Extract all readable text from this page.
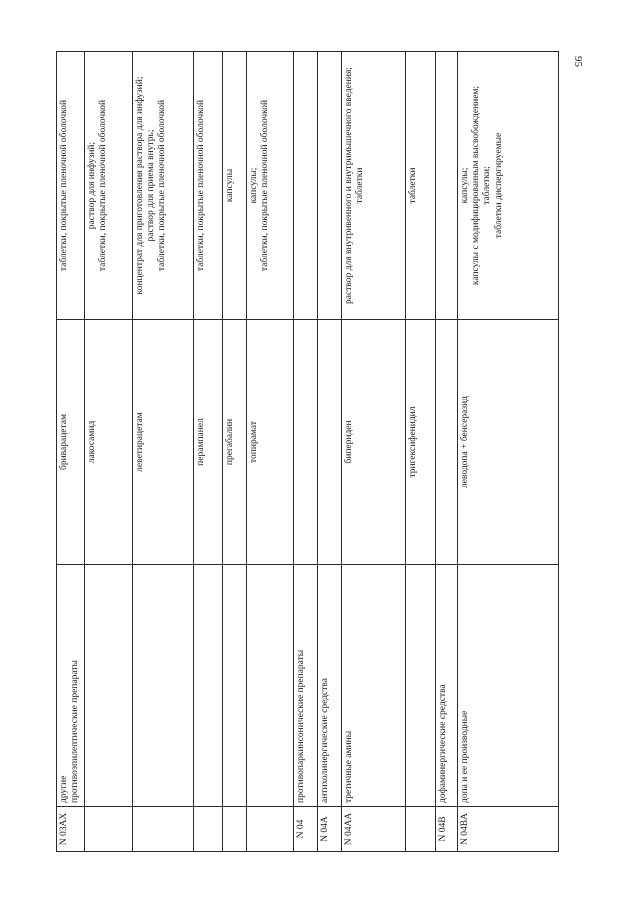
95
N 03AX	другие противоэпилептические препараты	бриварацетам	таблетки, покрытые пленочной оболочкой

		лакосамид	раствор для инфузий; таблетки, покрытые пленочной оболочкой

		леветирацетам	концентрат для приготовления раствора для инфузий; раствор для приема внутрь; таблетки, покрытые пленочной оболочкой

		перампанел	таблетки, покрытые пленочной оболочкой

		прегабалин	капсулы

		топирамат	капсулы; таблетки, покрытые пленочной оболочкой

N 04	противопаркинсонические препараты		
N 04A	антихолинергические средства		
N 04AA	третичные амины	бипериден	раствор для внутривенного и внутримышечного введения; таблетки

		тригексифенидил	таблетки

N 04B	дофаминергические средства		
N 04BA	допа и ее производные	леводопа + бенсеразид	капсулы; капсулы с модифицированным высвобождением; таблетки; таблетки диспергируемые
